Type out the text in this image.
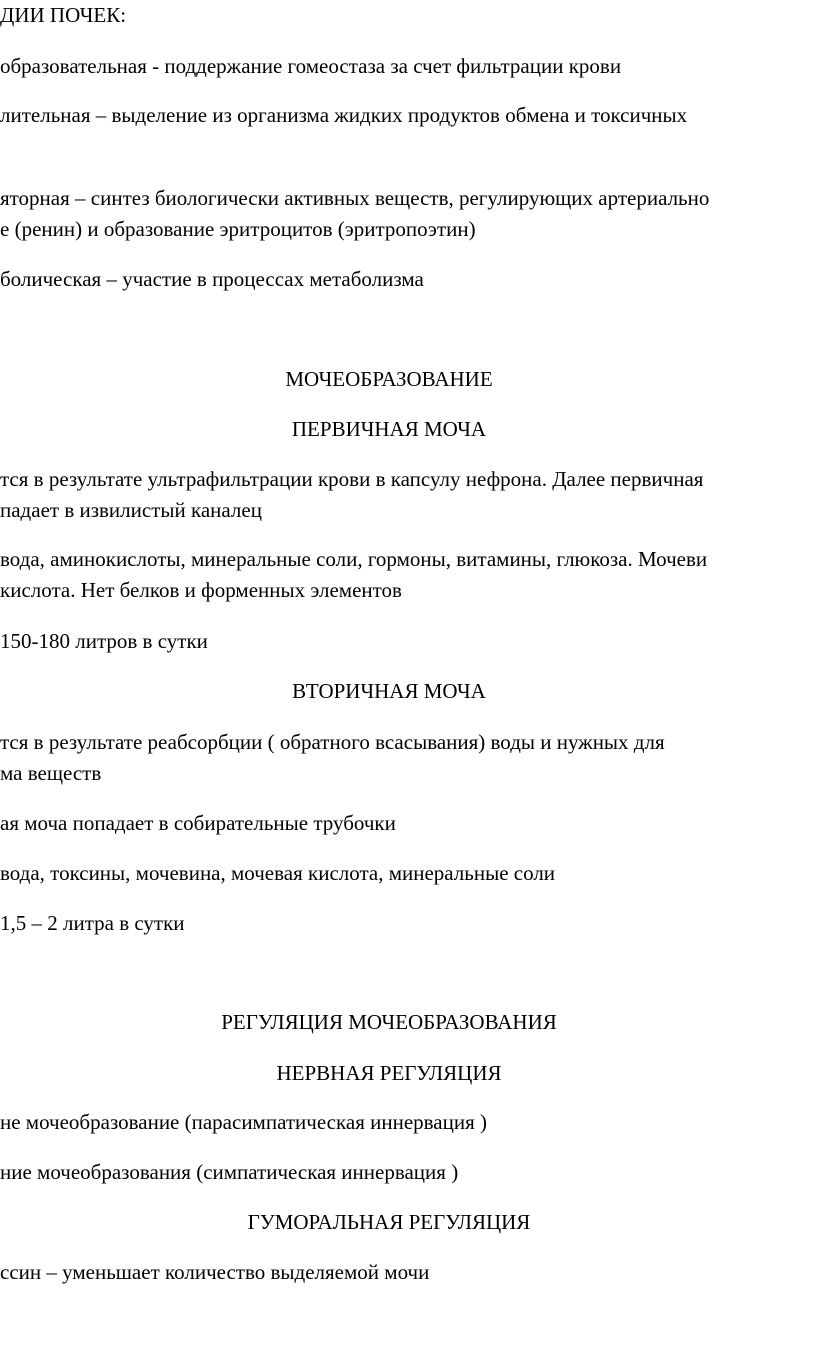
ДИИ ПОЧЕК:

образовательная - поддержание гомеостаза за счет фильтрации крови

лительная – выделение из организма жидких продуктов обмена и токсичных

яторная – синтез биологически активных веществ, регулирующих артериально

е (ренин) и образование эритроцитов (эритропоэтин)

болическая – участие в процессах метаболизма

МОЧЕОБРАЗОВАНИЕ

ПЕРВИЧНАЯ МОЧА

тся в результате ультрафильтрации крови в капсулу нефрона. Далее первичная

падает в извилистый каналец

вода, аминокислоты, минеральные соли, гормоны, витамины, глюкоза. Мочеви

кислота. Нет белков и форменных элементов

150-180 литров в сутки

ВТОРИЧНАЯ МОЧА

тся в результате реабсорбции ( обратного всасывания) воды и нужных для

ма веществ

ая моча попадает в собирательные трубочки

вода, токсины, мочевина, мочевая кислота, минеральные соли

1,5 – 2 литра в сутки

РЕГУЛЯЦИЯ МОЧЕОБРАЗОВАНИЯ

НЕРВНАЯ РЕГУЛЯЦИЯ

не мочеобразование (парасимпатическая иннервация )

ние мочеобразования (симпатическая иннервация )

ГУМОРАЛЬНАЯ РЕГУЛЯЦИЯ

ссин – уменьшает количество выделяемой мочи
